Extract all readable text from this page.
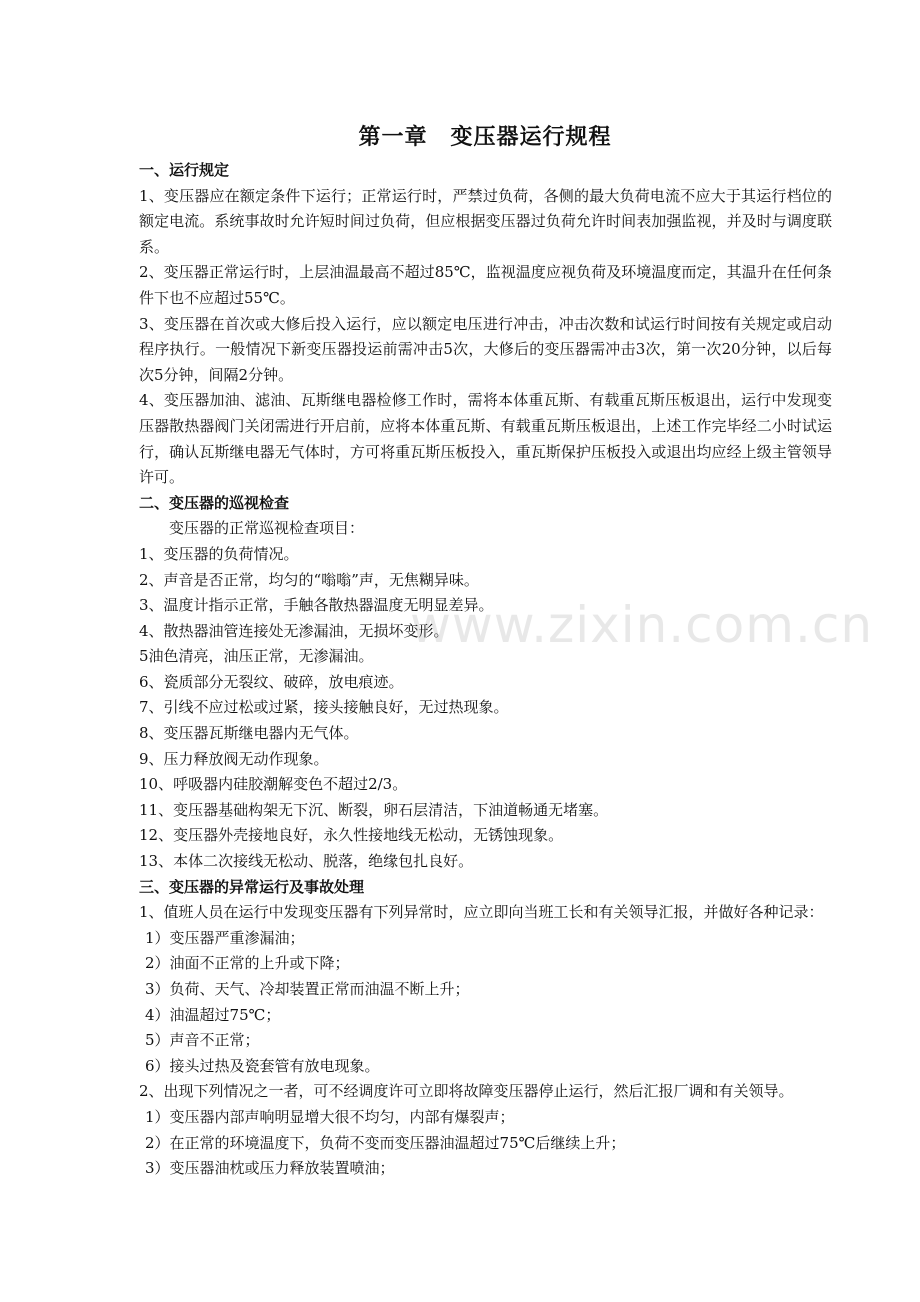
第一章　变压器运行规程

一、运行规定

1、变压器应在额定条件下运行；正常运行时，严禁过负荷，各侧的最大负荷电流不应大于其运行档位的额定电流。系统事故时允许短时间过负荷，但应根据变压器过负荷允许时间表加强监视，并及时与调度联系。

2、变压器正常运行时，上层油温最高不超过85℃，监视温度应视负荷及环境温度而定，其温升在任何条件下也不应超过55℃。

3、变压器在首次或大修后投入运行，应以额定电压进行冲击，冲击次数和试运行时间按有关规定或启动程序执行。一般情况下新变压器投运前需冲击5次，大修后的变压器需冲击3次，第一次20分钟，以后每次5分钟，间隔2分钟。

4、变压器加油、滤油、瓦斯继电器检修工作时，需将本体重瓦斯、有载重瓦斯压板退出，运行中发现变压器散热器阀门关闭需进行开启前，应将本体重瓦斯、有载重瓦斯压板退出，上述工作完毕经二小时试运行，确认瓦斯继电器无气体时，方可将重瓦斯压板投入，重瓦斯保护压板投入或退出均应经上级主管领导许可。

二、变压器的巡视检查

变压器的正常巡视检查项目：

1、变压器的负荷情况。

2、声音是否正常，均匀的“嗡嗡”声，无焦糊异味。

3、温度计指示正常，手触各散热器温度无明显差异。

4、散热器油管连接处无渗漏油，无损坏变形。

5油色清亮，油压正常，无渗漏油。

6、瓷质部分无裂纹、破碎，放电痕迹。

7、引线不应过松或过紧，接头接触良好，无过热现象。

8、变压器瓦斯继电器内无气体。

9、压力释放阀无动作现象。

10、呼吸器内硅胶潮解变色不超过2/3。

11、变压器基础构架无下沉、断裂，卵石层清洁，下油道畅通无堵塞。

12、变压器外壳接地良好，永久性接地线无松动，无锈蚀现象。

13、本体二次接线无松动、脱落，绝缘包扎良好。

三、变压器的异常运行及事故处理

1、值班人员在运行中发现变压器有下列异常时，应立即向当班工长和有关领导汇报，并做好各种记录：

1）变压器严重渗漏油；

2）油面不正常的上升或下降；

3）负荷、天气、冷却装置正常而油温不断上升；

4）油温超过75℃；

5）声音不正常；

6）接头过热及瓷套管有放电现象。

2、出现下列情况之一者，可不经调度许可立即将故障变压器停止运行，然后汇报厂调和有关领导。

1）变压器内部声响明显增大很不均匀，内部有爆裂声；

2）在正常的环境温度下，负荷不变而变压器油温超过75℃后继续上升；

3）变压器油枕或压力释放装置喷油；

www.zixin.com.cn
